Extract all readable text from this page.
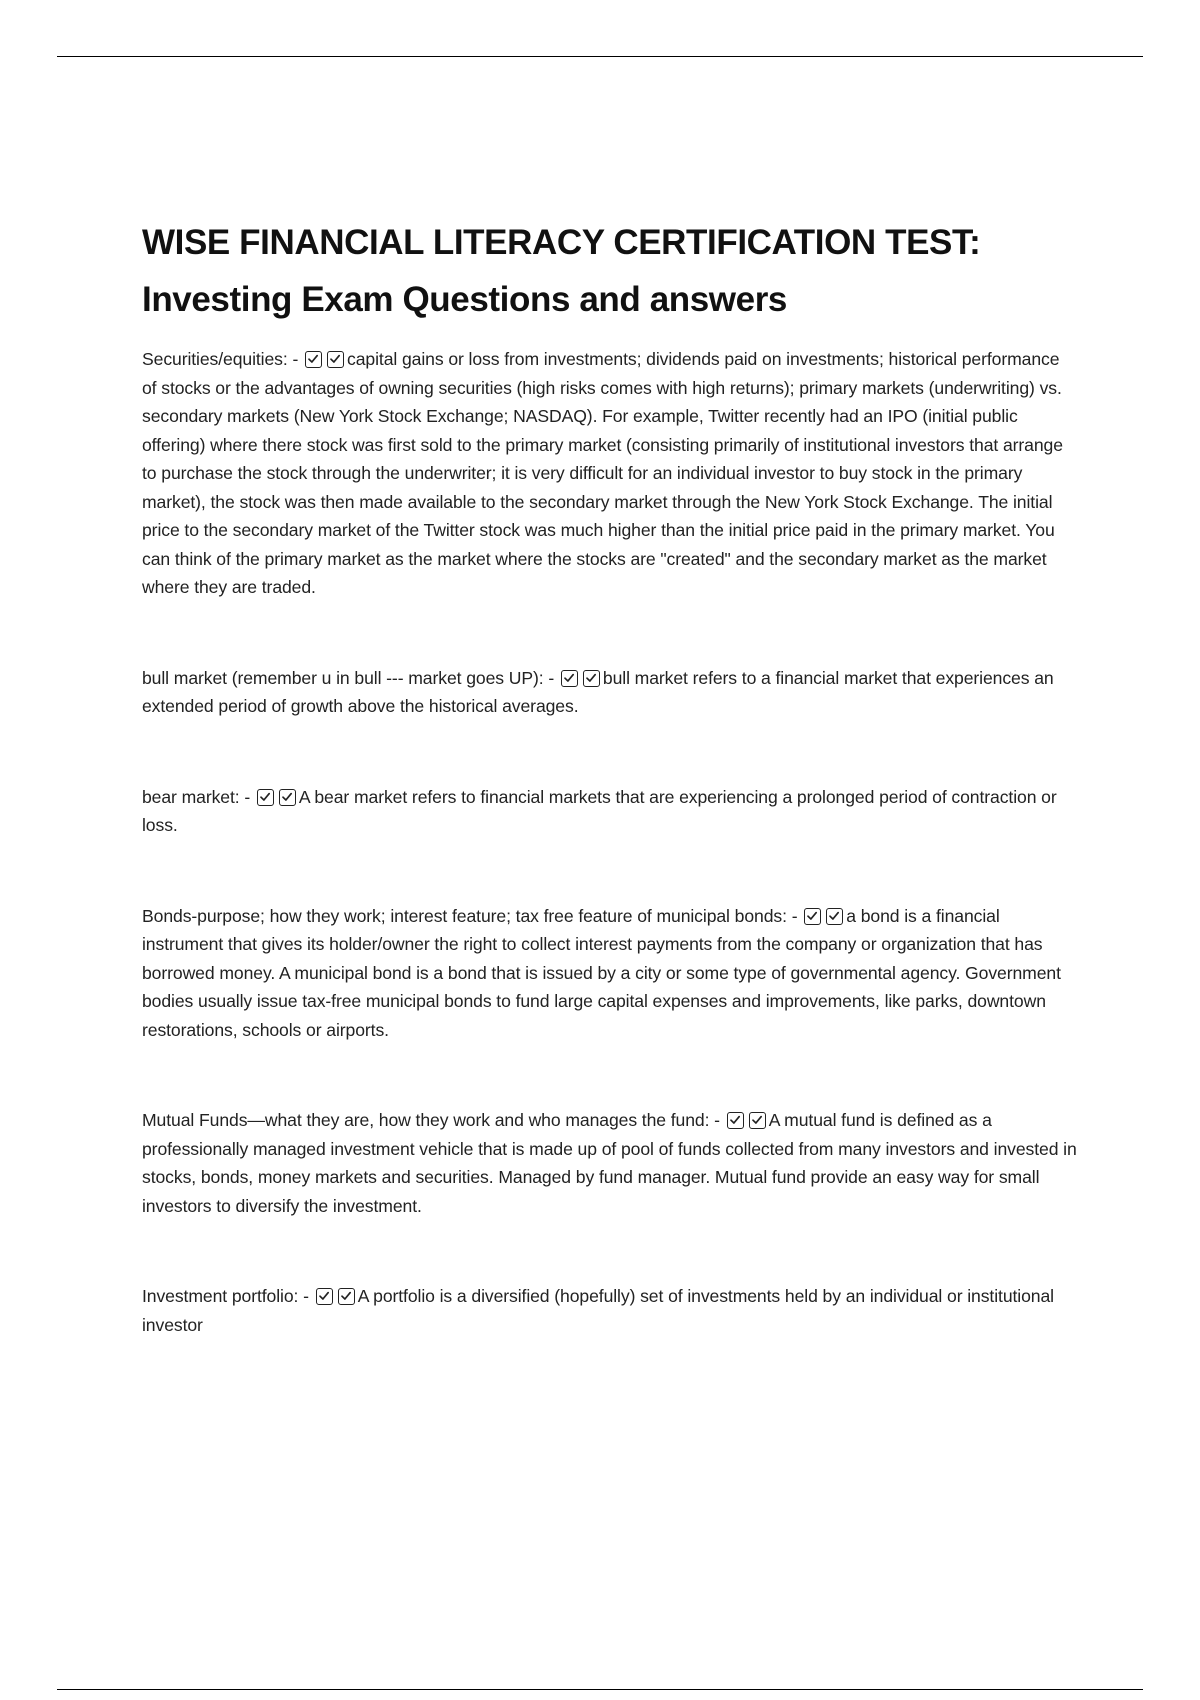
WISE FINANCIAL LITERACY CERTIFICATION TEST:
Investing Exam Questions and answers

Securities/equities: -	capital gains or loss from investments; dividends paid on investments; historical performance of stocks or the advantages of owning securities (high risks comes with high returns); primary markets (underwriting) vs. secondary markets (New York Stock Exchange; NASDAQ). For example, Twitter recently had an IPO (initial public offering) where there stock was first sold to the primary market (consisting primarily of institutional investors that arrange to purchase the stock through the underwriter; it is very difficult for an individual investor to buy stock in the primary market), the stock was then made available to the secondary market through the New York Stock Exchange. The initial price to the secondary market of the Twitter stock was much higher than the initial price paid in the primary market. You can think of the primary market as the market where the stocks are "created" and the secondary market as the market where they are traded.

bull market (remember u in bull --- market goes UP): -	bull market refers to a financial market that experiences an extended period of growth above the historical averages.

bear market: -	A bear market refers to financial markets that are experiencing a prolonged period of contraction or loss.

Bonds-purpose; how they work; interest feature; tax free feature of municipal bonds: -	a bond is a financial instrument that gives its holder/owner the right to collect interest payments from the company or organization that has borrowed money. A municipal bond is a bond that is issued by a city or some type of governmental agency. Government bodies usually issue tax-free municipal bonds to fund large capital expenses and improvements, like parks, downtown restorations, schools or airports.

Mutual Funds—what they are, how they work and who manages the fund: -	A mutual fund is defined as a professionally managed investment vehicle that is made up of pool of funds collected from many investors and invested in stocks, bonds, money markets and securities. Managed by fund manager. Mutual fund provide an easy way for small investors to diversify the investment.

Investment portfolio: -	A portfolio is a diversified (hopefully) set of investments held by an individual or institutional investor
